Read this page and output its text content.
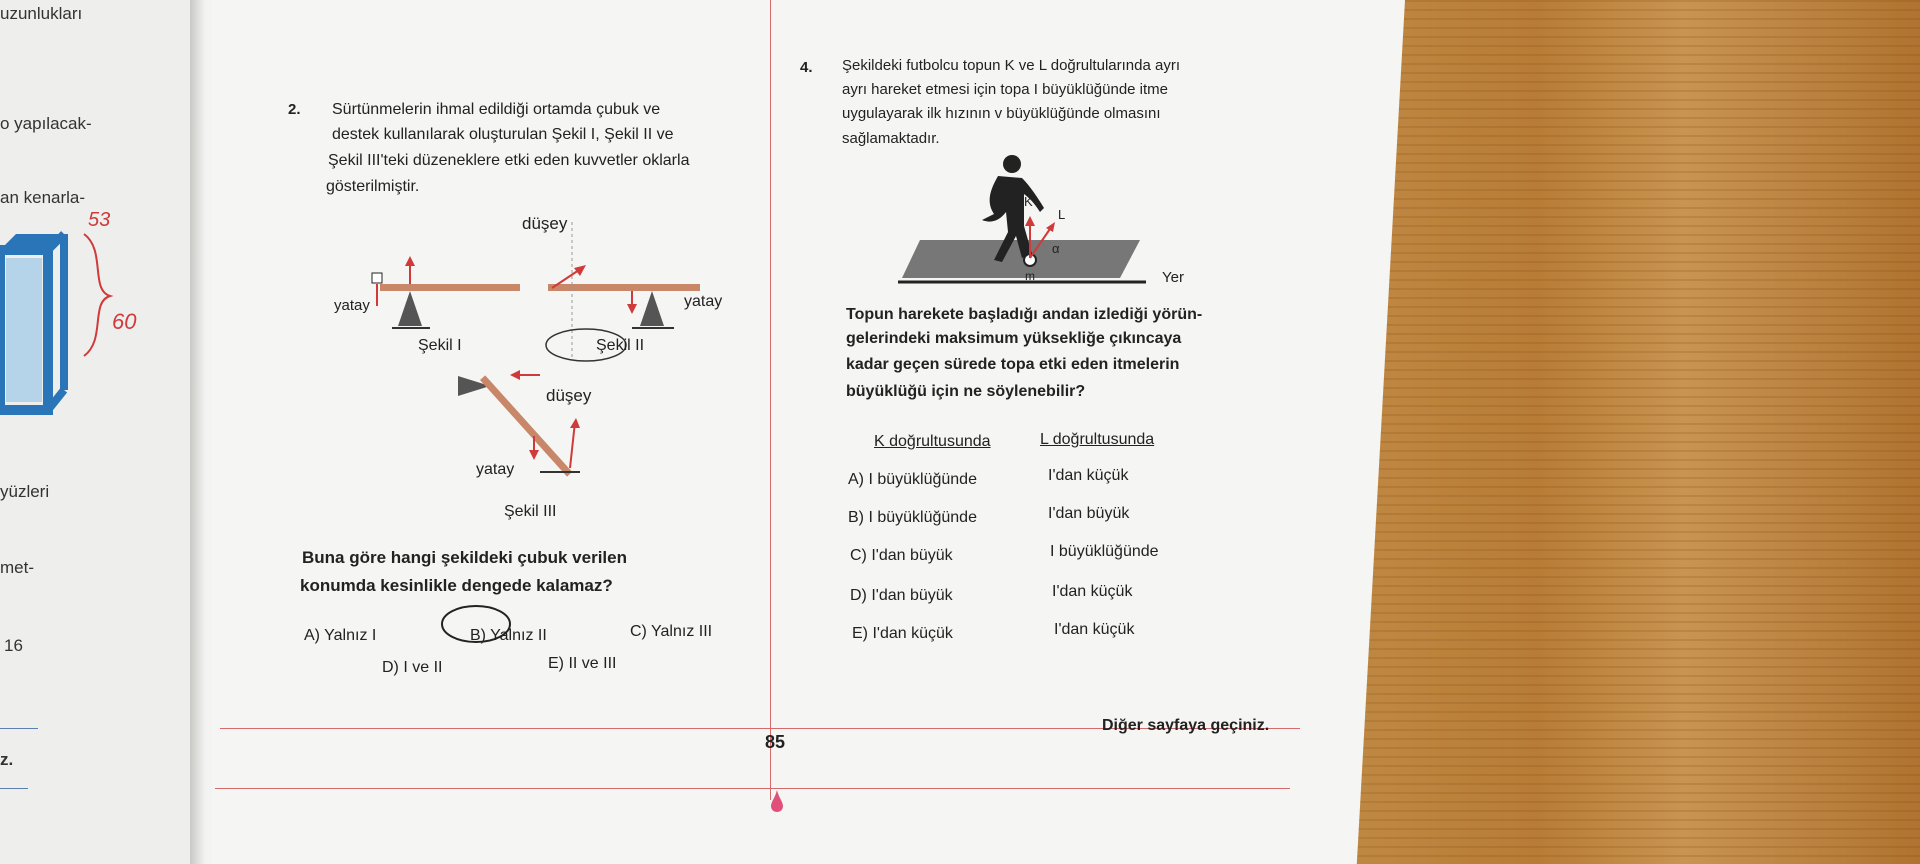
uzunlukları
o yapılacak-
an kenarla-
yüzleri
met-
16
z.
53
60
2. Sürtünmelerin ihmal edildiği ortamda çubuk ve
destek kullanılarak oluşturulan Şekil I, Şekil II ve
Şekil III'teki düzeneklere etki eden kuvvetler oklarla
gösterilmiştir.
düşey
yatay	yatay
Şekil I	Şekil II
düşey
yatay
Şekil III
Buna göre hangi şekildeki çubuk verilen
konumda kesinlikle dengede kalamaz?
A) Yalnız I	B) Yalnız II	C) Yalnız III
D) I ve II	E) II ve III
4. Şekildeki futbolcu topun K ve L doğrultularında ayrı
ayrı hareket etmesi için topa I büyüklüğünde itme
uygulayarak ilk hızının v büyüklüğünde olmasını
sağlamaktadır.
K
L
α
m	Yer
Topun harekete başladığı andan izlediği yörün-
gelerindeki maksimum yüksekliğe çıkıncaya
kadar geçen sürede topa etki eden itmelerin
büyüklüğü için ne söylenebilir?
K doğrultusunda	L doğrultusunda
A) I büyüklüğünde	I'dan küçük
B) I büyüklüğünde	I'dan büyük
C) I'dan büyük	I büyüklüğünde
D) I'dan büyük	I'dan küçük
E) I'dan küçük	I'dan küçük
85
Diğer sayfaya geçiniz.
